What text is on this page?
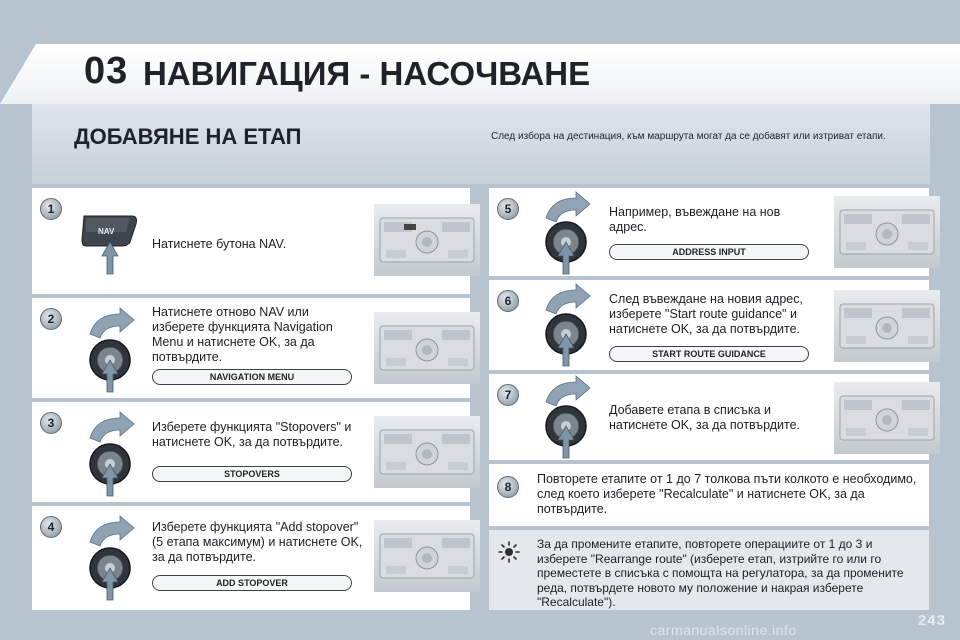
03 НАВИГАЦИЯ - НАСОЧВАНЕ
ДОБАВЯНЕ НА ЕТАП	След избора на дестинация, към маршрута могат да се добавят или изтриват етапи.
1
NAV
Натиснете бутона NAV.
2	Натиснете отново NAV или изберете функцията Navigation Menu и натиснете OK, за да потвърдите.
NAVIGATION MENU
3	Изберете функцията "Stopovers" и натиснете OK, за да потвърдите.
STOPOVERS
4	Изберете функцията "Add stopover" (5 етапа максимум) и натиснете OK, за да потвърдите.
ADD STOPOVER
5	Например, въвеждане на нов адрес.
ADDRESS INPUT
6	След въвеждане на новия адрес, изберете "Start route guidance" и натиснете OK, за да потвърдите.
START ROUTE GUIDANCE
7
Добавете етапа в списъка и натиснете OK, за да потвърдите.
8
Повторете етапите от 1 до 7 толкова пъти колкото е необходимо, след което изберете "Recalculate" и натиснете OK, за да потвърдите.
За да промените етапите, повторете операциите от 1 до 3 и изберете "Rearrange route" (изберете етап, изтрийте го или го преместете в списъка с помощта на регулатора, за да промените реда, потвърдете новото му положение и накрая изберете "Recalculate").
243
carmanualsonline.info
